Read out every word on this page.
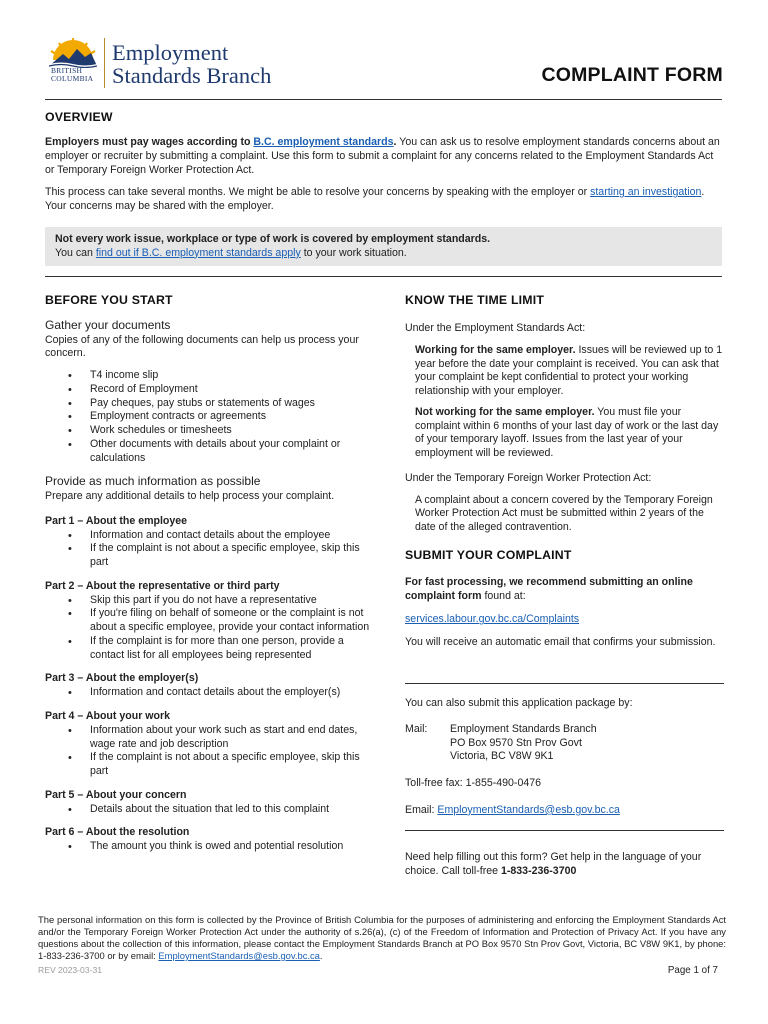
BRITISH
COLUMBIA
Employment
Standards Branch	COMPLAINT FORM
OVERVIEW

Employers must pay wages according to B.C. employment standards. You can ask us to resolve employment standards concerns about an employer or recruiter by submitting a complaint. Use this form to submit a complaint for any concerns related to the Employment Standards Act or Temporary Foreign Worker Protection Act.

This process can take several months. We might be able to resolve your concerns by speaking with the employer or starting an investigation. Your concerns may be shared with the employer.

Not every work issue, workplace or type of work is covered by employment standards.
You can find out if B.C. employment standards apply to your work situation.
BEFORE YOU START
Gather your documents
Copies of any of the following documents can help us process your concern.
• T4 income slip
• Record of Employment
• Pay cheques, pay stubs or statements of wages
• Employment contracts or agreements
• Work schedules or timesheets
• Other documents with details about your complaint or calculations
Provide as much information as possible
Prepare any additional details to help process your complaint.
Part 1 – About the employee
• Information and contact details about the employee
• If the complaint is not about a specific employee, skip this part
Part 2 – About the representative or third party
• Skip this part if you do not have a representative
• If you're filing on behalf of someone or the complaint is not about a specific employee, provide your contact information
• If the complaint is for more than one person, provide a contact list for all employees being represented
Part 3 – About the employer(s)
• Information and contact details about the employer(s)
Part 4 – About your work
• Information about your work such as start and end dates, wage rate and job description
• If the complaint is not about a specific employee, skip this part
Part 5 – About your concern
• Details about the situation that led to this complaint
Part 6 – About the resolution
• The amount you think is owed and potential resolution
KNOW THE TIME LIMIT
Under the Employment Standards Act:
Working for the same employer. Issues will be reviewed up to 1 year before the date your complaint is received. You can ask that your complaint be kept confidential to protect your working relationship with your employer.
Not working for the same employer. You must file your complaint within 6 months of your last day of work or the last day of your temporary layoff. Issues from the last year of your employment will be reviewed.
Under the Temporary Foreign Worker Protection Act:
A complaint about a concern covered by the Temporary Foreign Worker Protection Act must be submitted within 2 years of the date of the alleged contravention.
SUBMIT YOUR COMPLAINT
For fast processing, we recommend submitting an online complaint form found at:
services.labour.gov.bc.ca/Complaints
You will receive an automatic email that confirms your submission.
You can also submit this application package by:
Mail: Employment Standards Branch
PO Box 9570 Stn Prov Govt
Victoria, BC V8W 9K1
Toll-free fax: 1-855-490-0476
Email: EmploymentStandards@esb.gov.bc.ca
Need help filling out this form? Get help in the language of your choice. Call toll-free 1-833-236-3700
The personal information on this form is collected by the Province of British Columbia for the purposes of administering and enforcing the Employment Standards Act and/or the Temporary Foreign Worker Protection Act under the authority of s.26(a), (c) of the Freedom of Information and Protection of Privacy Act. If you have any questions about the collection of this information, please contact the Employment Standards Branch at PO Box 9570 Stn Prov Govt, Victoria, BC V8W 9K1, by phone: 1-833-236-3700 or by email: EmploymentStandards@esb.gov.bc.ca.
REV 2023-03-31	Page 1 of 7
